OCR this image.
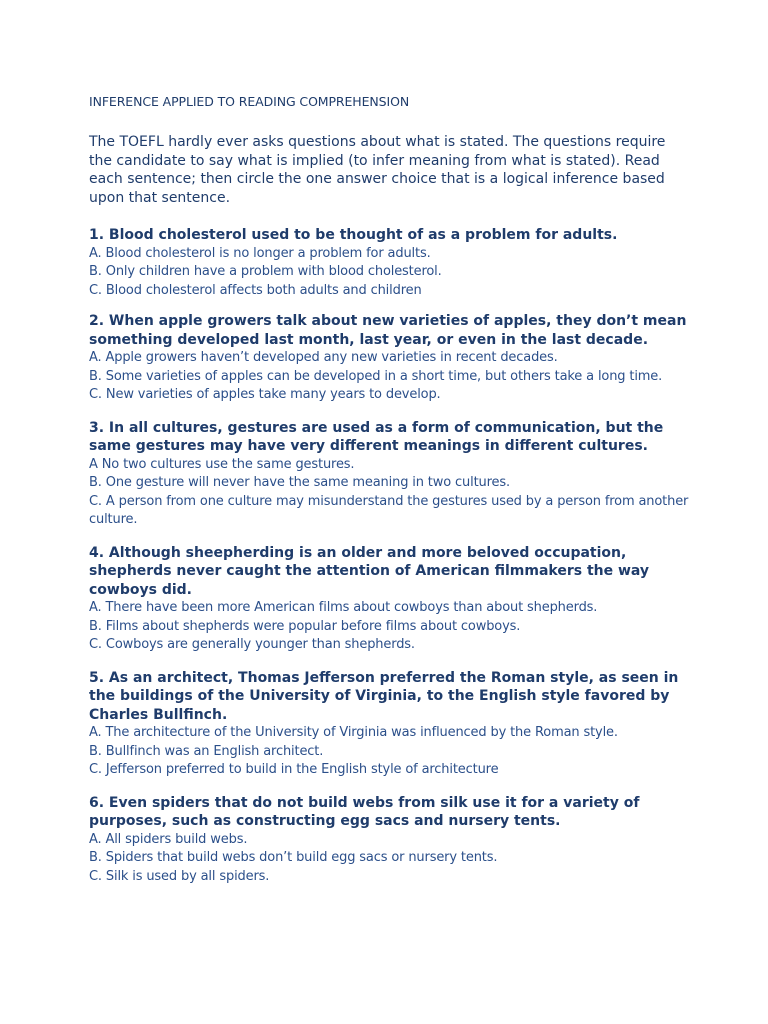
INFERENCE APPLIED TO READING COMPREHENSION

The TOEFL hardly ever asks questions about what is stated. The questions require the candidate to say what is implied (to infer meaning from what is stated). Read each sentence; then circle the one answer choice that is a logical inference based upon that sentence.

1. Blood cholesterol used to be thought of as a problem for adults.

A. Blood cholesterol is no longer a problem for adults.

B. Only children have a problem with blood cholesterol.

C. Blood cholesterol affects both adults and children

2. When apple growers talk about new varieties of apples, they don’t mean something developed last month, last year, or even in the last decade.

A. Apple growers haven’t developed any new varieties in recent decades.

B. Some varieties of apples can be developed in a short time, but others take a long time.

C. New varieties of apples take many years to develop.

3. In all cultures, gestures are used as a form of communication, but the same gestures may have very different meanings in different cultures.

A No two cultures use the same gestures.

B. One gesture will never have the same meaning in two cultures.

C. A person from one culture may misunderstand the gestures used by a person from another culture.

4. Although sheepherding is an older and more beloved occupation, shepherds never caught the attention of American filmmakers the way cowboys did.

A. There have been more American films about cowboys than about shepherds.

B. Films about shepherds were popular before films about cowboys.

C. Cowboys are generally younger than shepherds.

5. As an architect, Thomas Jefferson preferred the Roman style, as seen in the buildings of the University of Virginia, to the English style favored by Charles Bullfinch.

A. The architecture of the University of Virginia was influenced by the Roman style.

B. Bullfinch was an English architect.

C. Jefferson preferred to build in the English style of architecture

6. Even spiders that do not build webs from silk use it for a variety of purposes, such as constructing egg sacs and nursery tents.

A. All spiders build webs.

B. Spiders that build webs don’t build egg sacs or nursery tents.

C. Silk is used by all spiders.
